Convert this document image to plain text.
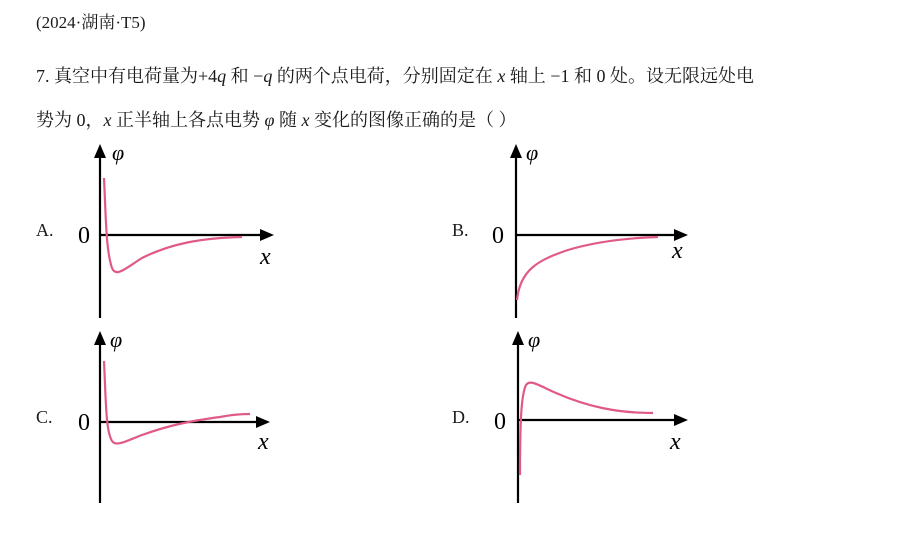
(2024·湖南·T5)
7. 真空中有电荷量为+4q 和 −q 的两个点电荷，分别固定在 x 轴上 −1 和 0 处。设无限远处电
势为 0，x 正半轴上各点电势 φ 随 x 变化的图像正确的是（ ）
A.
φ
x
0	B.
φ
x
0
C.
φ
x
0	D.
φ
x
0
